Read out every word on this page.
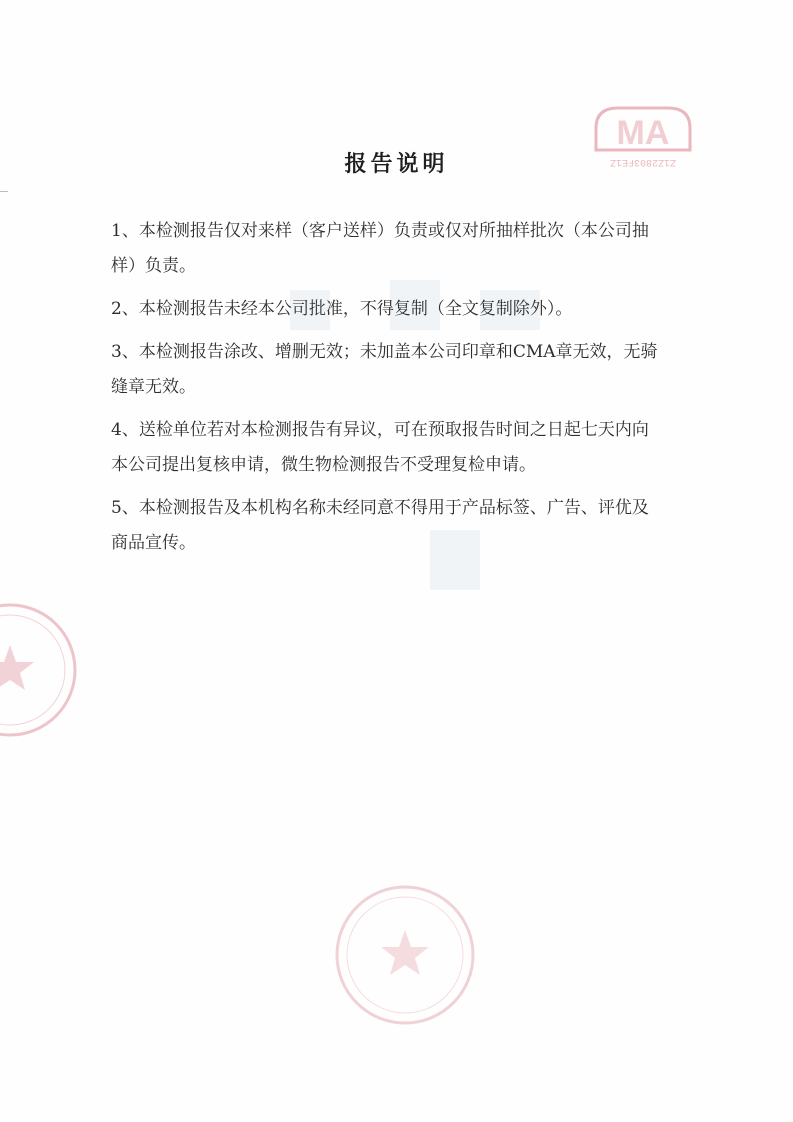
MA
Z1Z2803FE1Z
报告说明
1、本检测报告仅对来样（客户送样）负责或仅对所抽样批次（本公司抽
样）负责。
2、本检测报告未经本公司批准，不得复制（全文复制除外）。
3、本检测报告涂改、增删无效；未加盖本公司印章和CMA章无效，无骑
缝章无效。
4、送检单位若对本检测报告有异议，可在预取报告时间之日起七天内向
本公司提出复核申请，微生物检测报告不受理复检申请。
5、本检测报告及本机构名称未经同意不得用于产品标签、广告、评优及
商品宣传。
